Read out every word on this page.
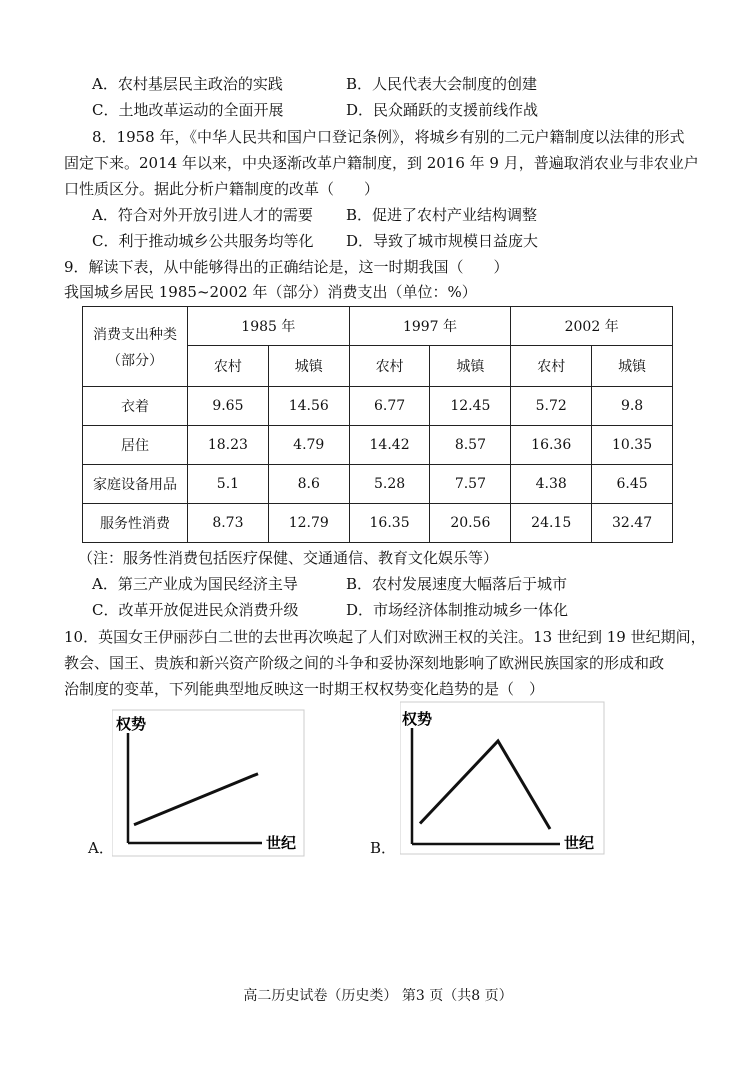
A．农村基层民主政治的实践	B．人民代表大会制度的创建
C．土地改革运动的全面开展	D．民众踊跃的支援前线作战
8．1958 年，《中华人民共和国户口登记条例》，将城乡有别的二元户籍制度以法律的形式
固定下来。2014 年以来，中央逐渐改革户籍制度，到 2016 年 9 月，普遍取消农业与非农业户
口性质区分。据此分析户籍制度的改革（　　）
A．符合对外开放引进人才的需要 B．促进了农村产业结构调整
C．利于推动城乡公共服务均等化 D．导致了城市规模日益庞大
9．解读下表，从中能够得出的正确结论是，这一时期我国（　　）
我国城乡居民 1985~2002 年（部分）消费支出（单位：%）
消费支出种类
（部分）	1985 年		1997 年		2002 年	
	农村	城镇	农村	城镇	农村	城镇
衣着	9.65	14.56	6.77	12.45	5.72	9.8
居住	18.23	4.79	14.42	8.57	16.36	10.35
家庭设备用品	5.1	8.6	5.28	7.57	4.38	6.45
服务性消费	8.73	12.79	16.35	20.56	24.15	32.47
（注：服务性消费包括医疗保健、交通通信、教育文化娱乐等）
A．第三产业成为国民经济主导	B．农村发展速度大幅落后于城市
C．改革开放促进民众消费升级	D．市场经济体制推动城乡一体化
10．英国女王伊丽莎白二世的去世再次唤起了人们对欧洲王权的关注。13 世纪到 19 世纪期间，
教会、国王、贵族和新兴资产阶级之间的斗争和妥协深刻地影响了欧洲民族国家的形成和政
治制度的变革，下列能典型地反映这一时期王权权势变化趋势的是（　）
权势
世纪
A．
权势
世纪
B．
高二历史试卷（历史类） 第3 页（共8 页）
